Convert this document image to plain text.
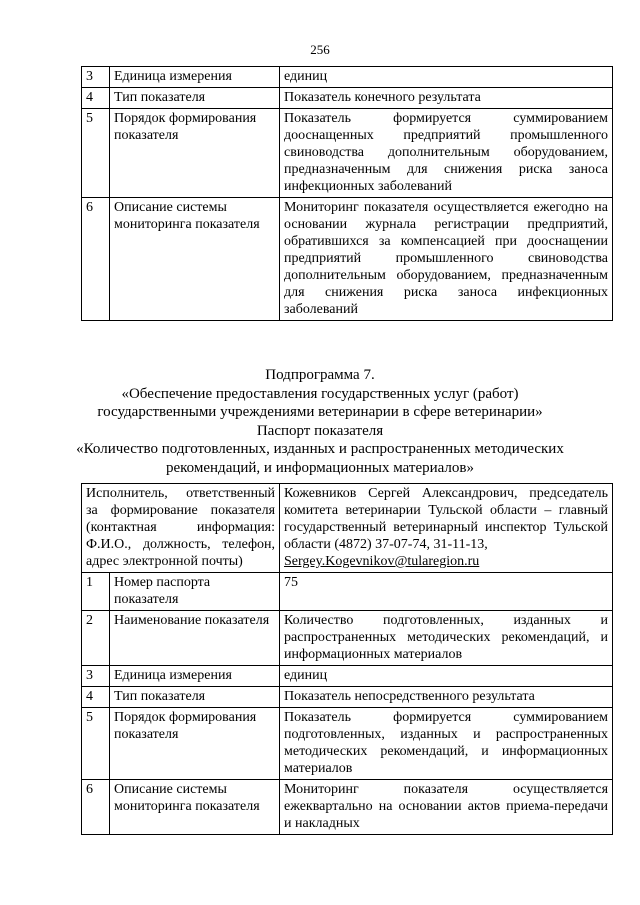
256
3	Единица измерения	единиц
4	Тип показателя	Показатель конечного результата
5	Порядок формирования показателя	Показатель формируется суммированием дооснащенных предприятий промышленного свиноводства дополнительным оборудованием, предназначенным для снижения риска заноса инфекционных заболеваний
6	Описание системы мониторинга показателя	Мониторинг показателя осуществляется ежегодно на основании журнала регистрации предприятий, обратившихся за компенсацией при дооснащении предприятий промышленного свиноводства дополнительным оборудованием, предназначенным для снижения риска заноса инфекционных заболеваний
Подпрограмма 7.
«Обеспечение предоставления государственных услуг (работ)
государственными учреждениями ветеринарии в сфере ветеринарии»
Паспорт показателя
«Количество подготовленных, изданных и распространенных методических
рекомендаций, и информационных материалов»
Исполнитель, ответственный за формирование показателя (контактная информация: Ф.И.О., должность, телефон, адрес электронной почты)		Кожевников Сергей Александрович, председатель комитета ветеринарии Тульской области – главный государственный ветеринарный инспектор Тульской области (4872) 37-07-74, 31-11-13,
Sergey.Kogevnikov@tularegion.ru
1	Номер паспорта показателя	75
2	Наименование показателя	Количество подготовленных, изданных и распространенных методических рекомендаций, и информационных материалов
3	Единица измерения	единиц
4	Тип показателя	Показатель непосредственного результата
5	Порядок формирования показателя	Показатель формируется суммированием подготовленных, изданных и распространенных методических рекомендаций, и информационных материалов
6	Описание системы мониторинга показателя	Мониторинг показателя осуществляется ежеквартально на основании актов приема-передачи и накладных
